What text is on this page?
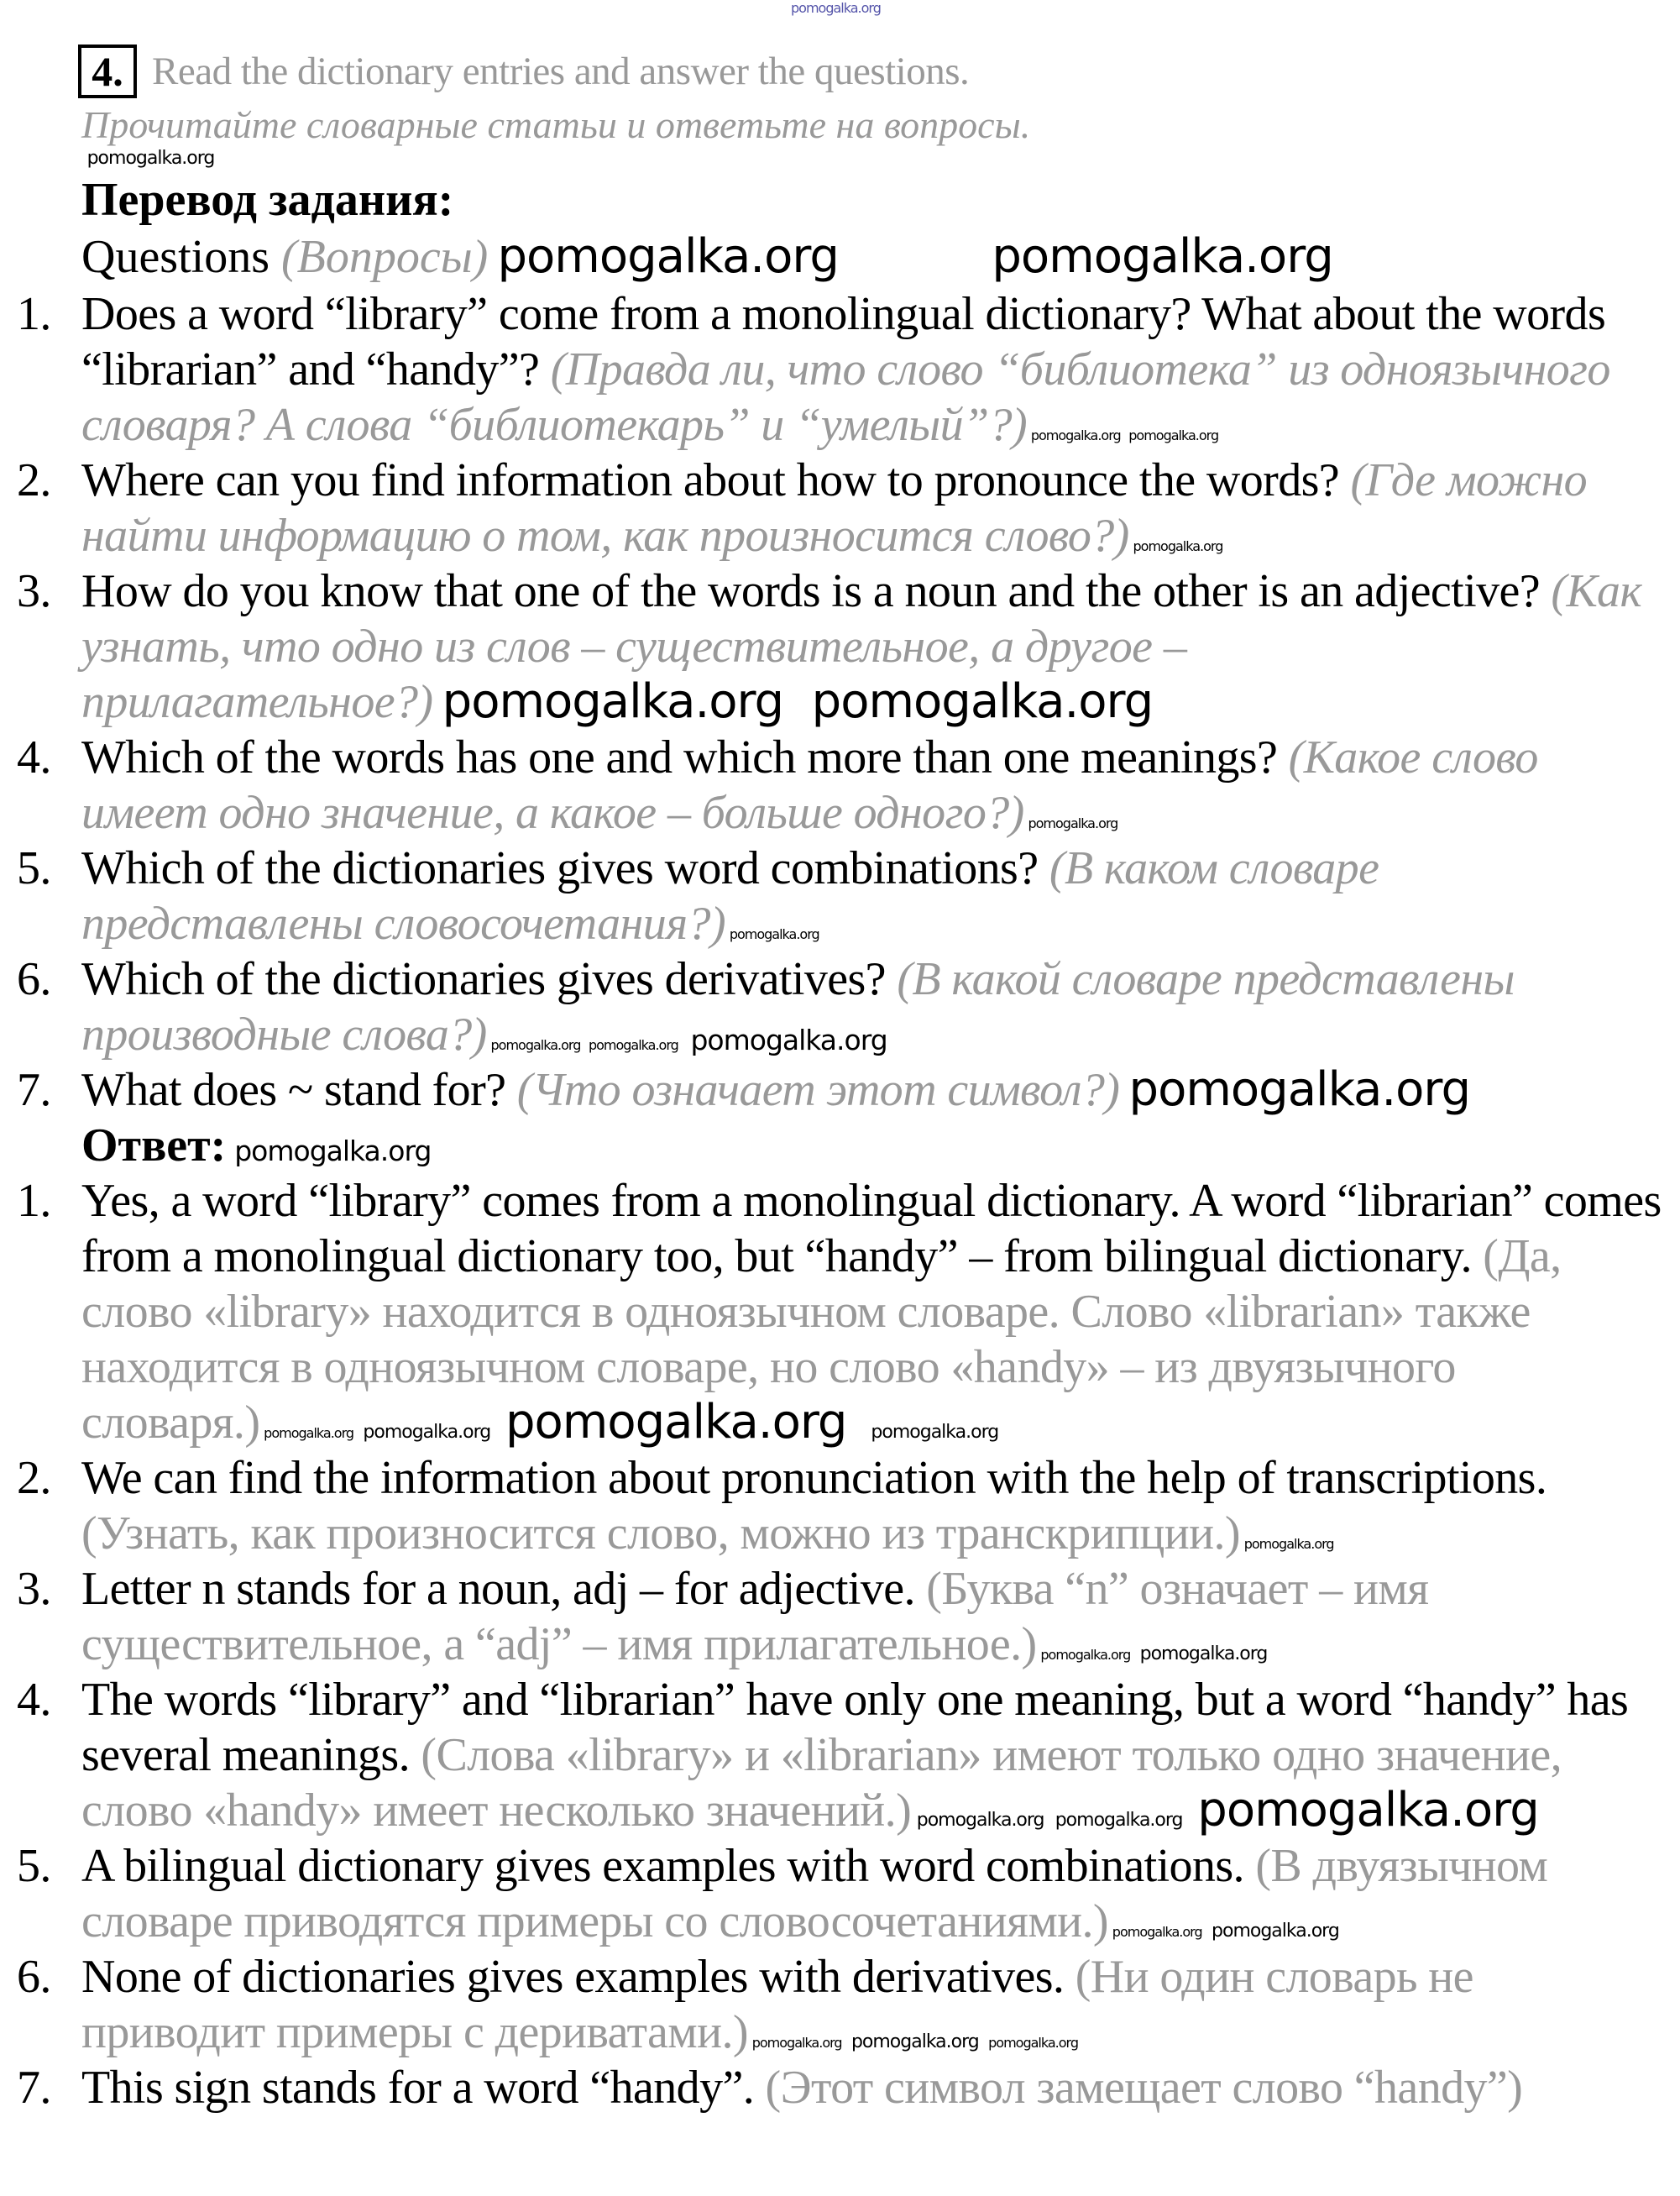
pomogalka.org
4. Read the dictionary entries and answer the questions.
Прочитайте словарные статьи и ответьте на вопросы.
pomogalka.org
Перевод задания:
Questions (Вопросы) pomogalka.org	pomogalka.org
1. Does a word “library” come from a monolingual dictionary? What about the words “librarian” and “handy”? (Правда ли, что слово “библиотека” из одноязычного словаря? А слова “библиотекарь” и “умелый”?) pomogalka.org pomogalka.org
2. Where can you find information about how to pronounce the words? (Где можно найти информацию о том, как произносится слово?) pomogalka.org
3. How do you know that one of the words is a noun and the other is an adjective? (Как узнать, что одно из слов – существительное, а другое – прилагательное?) pomogalka.org pomogalka.org
4. Which of the words has one and which more than one meanings? (Какое слово имеет одно значение, а какое – больше одного?) pomogalka.org
5. Which of the dictionaries gives word combinations? (В каком словаре представлены словосочетания?) pomogalka.org
6. Which of the dictionaries gives derivatives? (В какой словаре представлены производные слова?) pomogalka.org pomogalka.org pomogalka.org
7. What does ~ stand for? (Что означает этот символ?) pomogalka.org
Ответ: pomogalka.org
1. Yes, a word “library” comes from a monolingual dictionary. A word “librarian” comes from a monolingual dictionary too, but “handy” – from bilingual dictionary. (Да, слово «library» находится в одноязычном словаре. Слово «librarian» также находится в одноязычном словаре, но слово «handy» – из двуязычного словаря.) pomogalka.org pomogalka.org pomogalka.org pomogalka.org
2. We can find the information about pronunciation with the help of transcriptions. (Узнать, как произносится слово, можно из транскрипции.) pomogalka.org
3. Letter n stands for a noun, adj – for adjective. (Буква “n” означает – имя существительное, а “adj” – имя прилагательное.) pomogalka.org pomogalka.org
4. The words “library” and “librarian” have only one meaning, but a word “handy” has several meanings. (Слова «library» и «librarian» имеют только одно значение, слово «handy» имеет несколько значений.) pomogalka.org pomogalka.org pomogalka.org
5. A bilingual dictionary gives examples with word combinations. (В двуязычном словаре приводятся примеры со словосочетаниями.) pomogalka.org pomogalka.org
6. None of dictionaries gives examples with derivatives. (Ни один словарь не приводит примеры с дериватами.) pomogalka.org pomogalka.org pomogalka.org
7. This sign stands for a word “handy”. (Этот символ замещает слово “handy”)
